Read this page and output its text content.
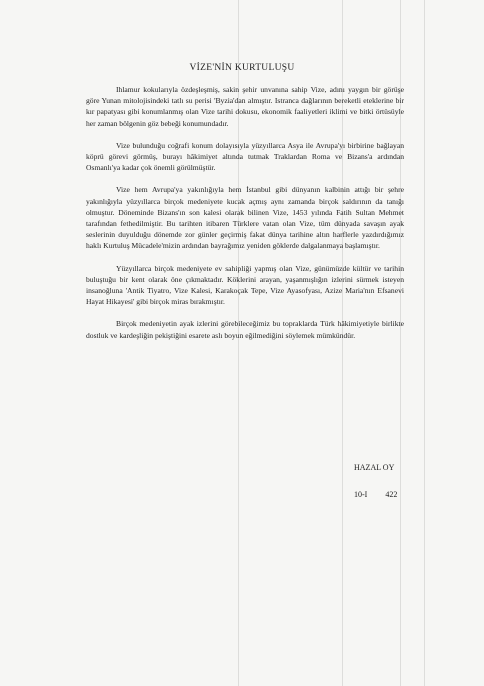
VİZE'NİN KURTULUŞU

Ihlamur kokularıyla özdeşleşmiş, sakin şehir unvanına sahip Vize, adını yaygın bir görüşe göre Yunan mitolojisindeki tatlı su perisi 'Byzia'dan almıştır. Istranca dağlarının bereketli eteklerine bir kır papatyası gibi konumlanmış olan Vize tarihi dokusu, ekonomik faaliyetleri iklimi ve bitki örtüsüyle her zaman bölgenin göz bebeği konumundadır.

Vize bulunduğu coğrafi konum dolayısıyla yüzyıllarca Asya ile Avrupa'yı birbirine bağlayan köprü görevi görmüş, burayı hâkimiyet altında tutmak Traklardan Roma ve Bizans'a ardından Osmanlı'ya kadar çok önemli görülmüştür.

Vize hem Avrupa'ya yakınlığıyla hem İstanbul gibi dünyanın kalbinin attığı bir şehre yakınlığıyla yüzyıllarca birçok medeniyete kucak açmış aynı zamanda birçok saldırının da tanığı olmuştur. Döneminde Bizans'ın son kalesi olarak bilinen Vize, 1453 yılında Fatih Sultan Mehmet tarafından fethedilmiştir. Bu tarihten itibaren Türklere vatan olan Vize, tüm dünyada savaşın ayak seslerinin duyulduğu dönemde zor günler geçirmiş fakat dünya tarihine altın harflerle yazdırdığımız haklı Kurtuluş Mücadele'mizin ardından bayrağımız yeniden göklerde dalgalanmaya başlamıştır.

Yüzyıllarca birçok medeniyete ev sahipliği yapmış olan Vize, günümüzde kültür ve tarihin buluştuğu bir kent olarak öne çıkmaktadır. Köklerini arayan, yaşanmışlığın izlerini sürmek isteyen insanoğluna 'Antik Tiyatro, Vize Kalesi, Karakoçak Tepe, Vize Ayasofyası, Azize Maria'nın Efsanevi Hayat Hikayesi' gibi birçok miras bırakmıştır.

Birçok medeniyetin ayak izlerini görebileceğimiz bu topraklarda Türk hâkimiyetiyle birlikte dostluk ve kardeşliğin pekiştiğini esarete aslı boyun eğilmediğini söylemek mümkündür.

HAZAL OY
10-I 422
